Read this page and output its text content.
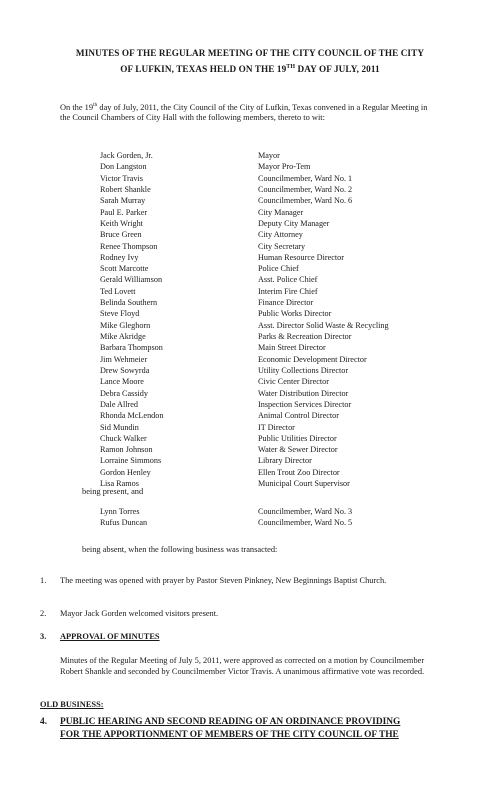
MINUTES OF THE REGULAR MEETING OF THE CITY COUNCIL OF THE CITY
OF LUFKIN, TEXAS HELD ON THE 19TH DAY OF JULY, 2011
On the 19th day of July, 2011, the City Council of the City of Lufkin, Texas convened in a Regular Meeting in the Council Chambers of City Hall with the following members, thereto to wit:
Jack Gorden, Jr.	Mayor
Don Langston	Mayor Pro-Tem
Victor Travis	Councilmember, Ward No. 1
Robert Shankle	Councilmember, Ward No. 2
Sarah Murray	Councilmember, Ward No. 6
Paul E. Parker	City Manager
Keith Wright	Deputy City Manager
Bruce Green	City Attorney
Renee Thompson	City Secretary
Rodney Ivy	Human Resource Director
Scott Marcotte	Police Chief
Gerald Williamson	Asst. Police Chief
Ted Lovett	Interim Fire Chief
Belinda Southern	Finance Director
Steve Floyd	Public Works Director
Mike Gleghorn	Asst. Director Solid Waste & Recycling
Mike Akridge	Parks & Recreation Director
Barbara Thompson	Main Street Director
Jim Wehmeier	Economic Development Director
Drew Sowyrda	Utility Collections Director
Lance Moore	Civic Center Director
Debra Cassidy	Water Distribution Director
Dale Allred	Inspection Services Director
Rhonda McLendon	Animal Control Director
Sid Mundin	IT Director
Chuck Walker	Public Utilities Director
Ramon Johnson	Water & Sewer Director
Lorraine Simmons	Library Director
Gordon Henley	Ellen Trout Zoo Director
Lisa Ramos	Municipal Court Supervisor
being present, and
Lynn Torres	Councilmember, Ward No. 3
Rufus Duncan	Councilmember, Ward No. 5
being absent, when the following business was transacted:
1. The meeting was opened with prayer by Pastor Steven Pinkney, New Beginnings Baptist Church.
2. Mayor Jack Gorden welcomed visitors present.
3. APPROVAL OF MINUTES
Minutes of the Regular Meeting of July 5, 2011, were approved as corrected on a motion by Councilmember Robert Shankle and seconded by Councilmember Victor Travis. A unanimous affirmative vote was recorded.
OLD BUSINESS:
4. PUBLIC HEARING AND SECOND READING OF AN ORDINANCE PROVIDING
FOR THE APPORTIONMENT OF MEMBERS OF THE CITY COUNCIL OF THE
